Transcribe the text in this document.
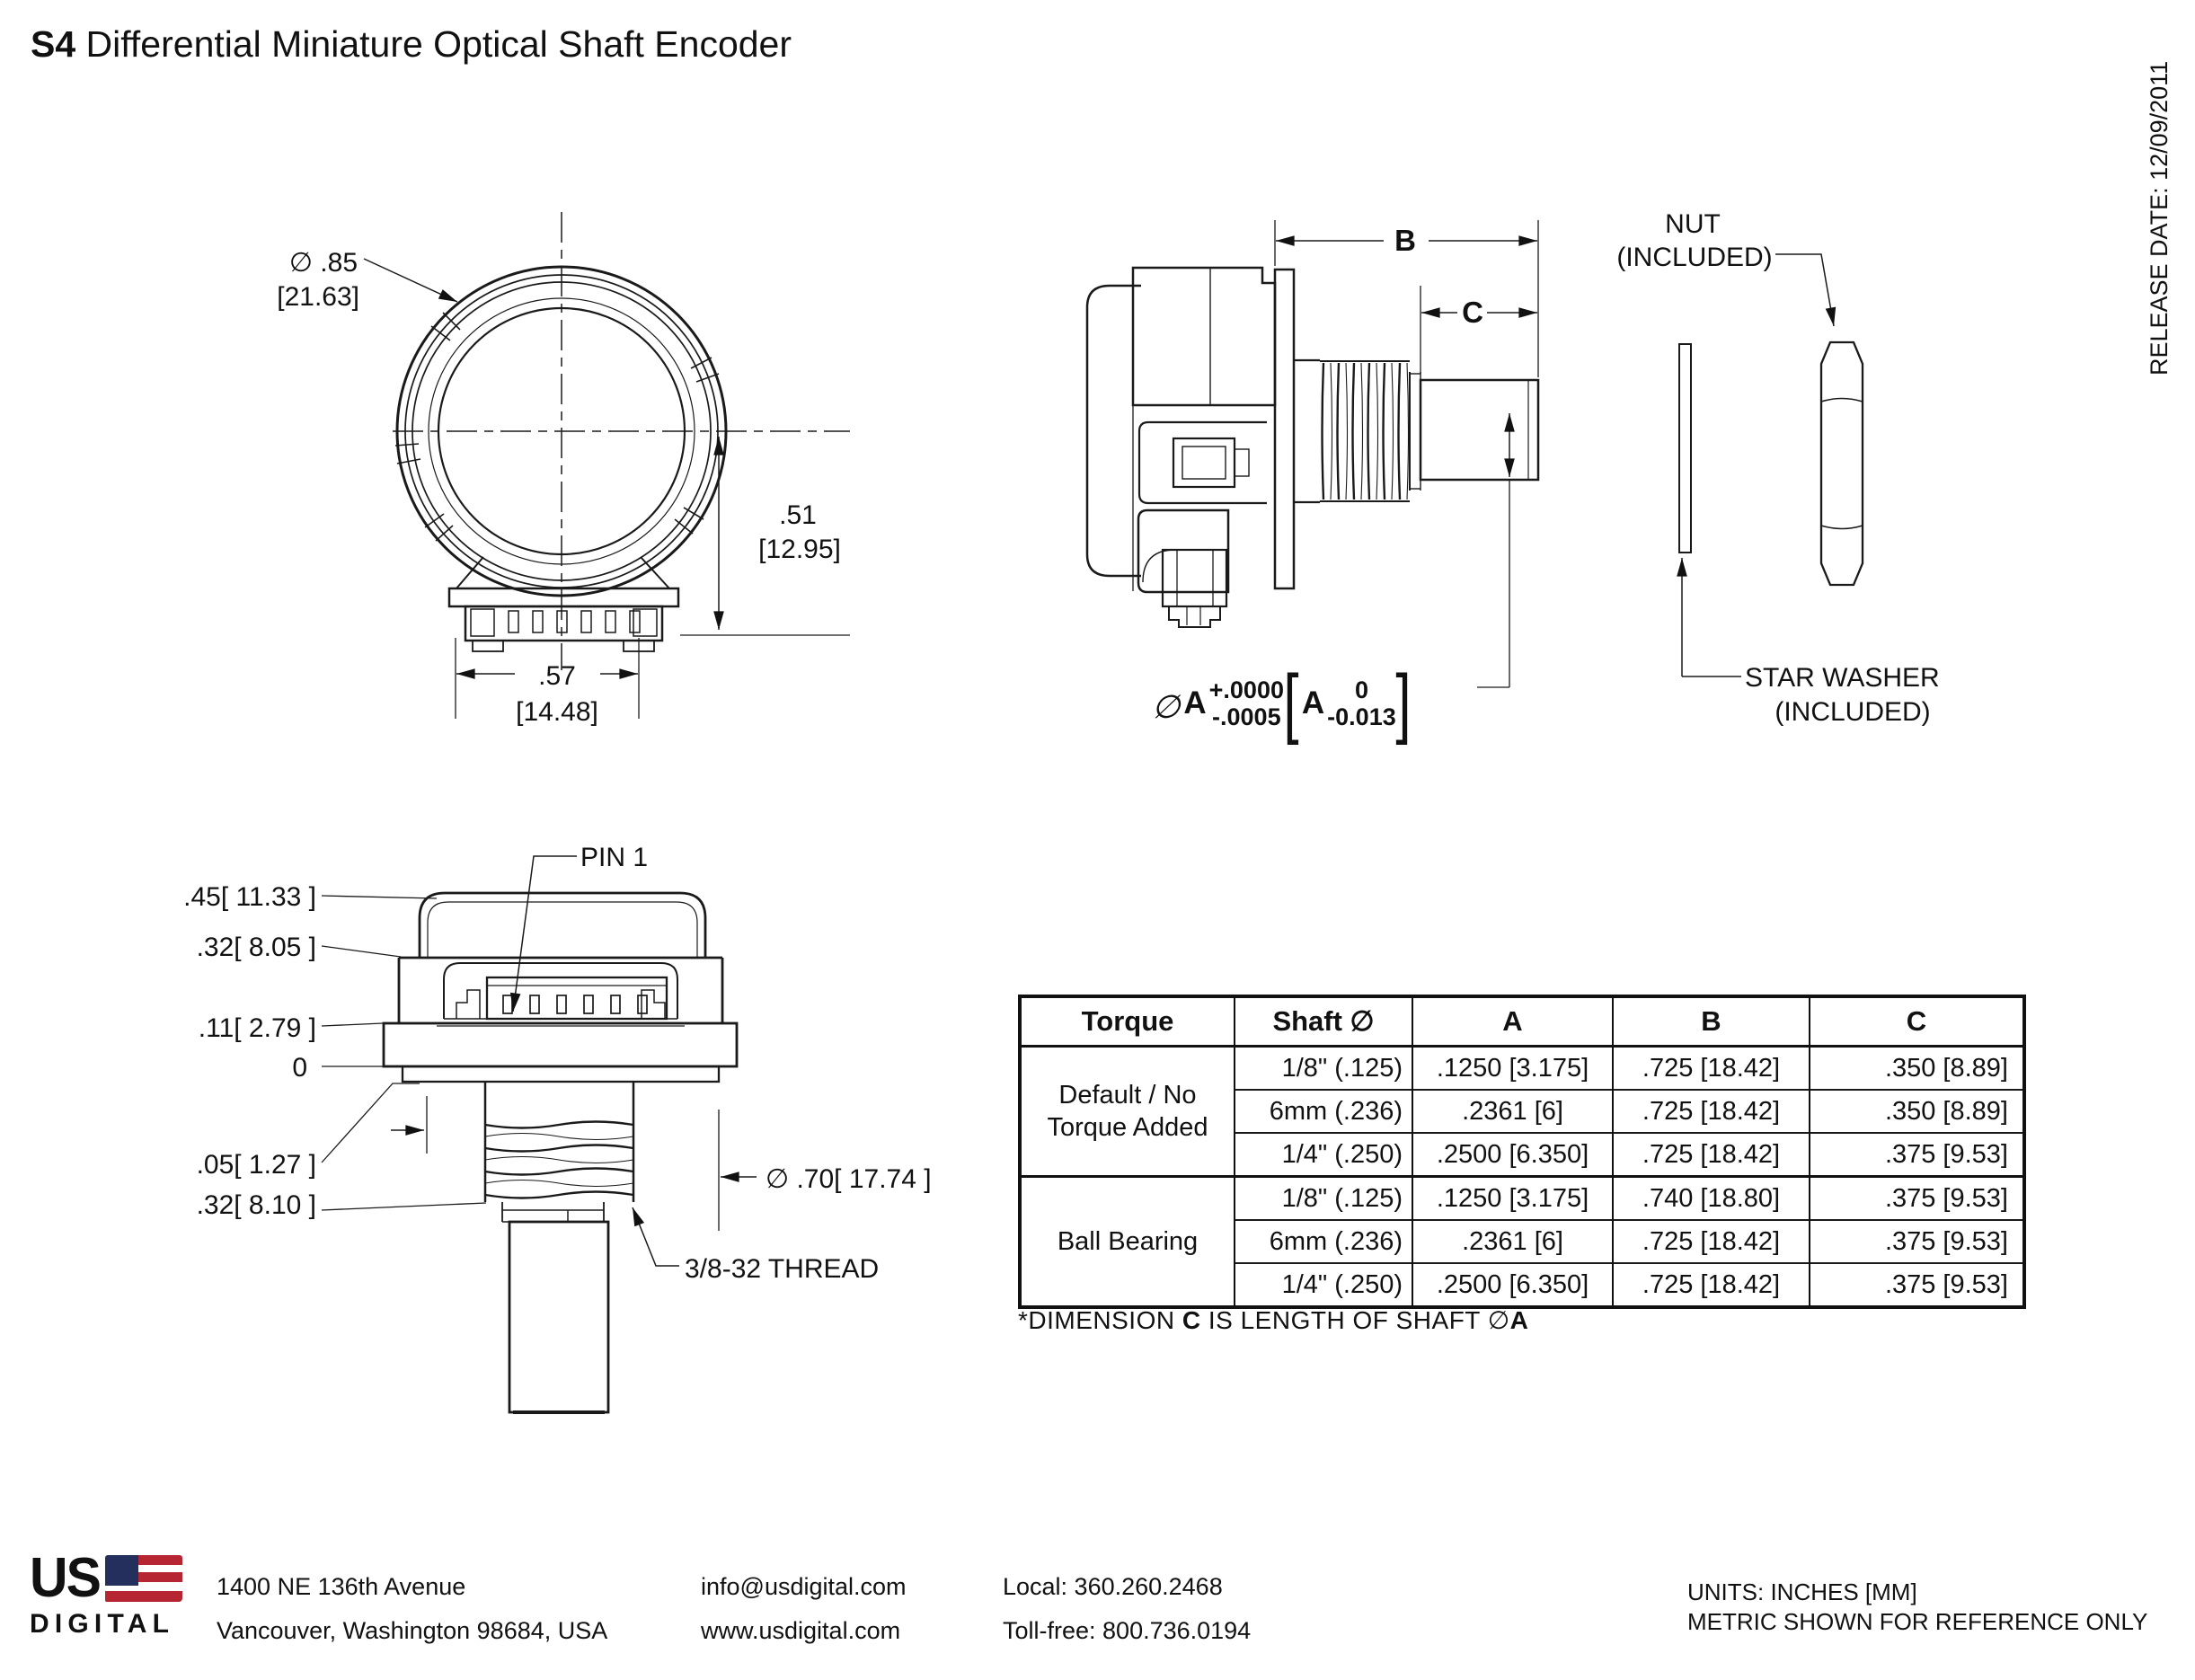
S4 Differential Miniature Optical Shaft Encoder
RELEASE DATE: 12/09/2011
∅ .85
[21.63]
.51
[12.95]
.57
[14.48]
B
C
∅ A +.0000
-.0005 [ A 0
-0.013 ]
NUT
(INCLUDED)
STAR WASHER
(INCLUDED)
PIN 1
.45[ 11.33 ]
.32[ 8.05 ]
.11[ 2.79 ]
0
.05[ 1.27 ]
.32[ 8.10 ]
∅ .70[ 17.74 ]
3/8-32 THREAD
Torque	Shaft ∅	A	B	C
Default / No Torque Added	1/8" (.125)	.1250 [3.175]	.725 [18.42]	.350 [8.89]
	6mm (.236)	.2361 [6]	.725 [18.42]	.350 [8.89]
	1/4" (.250)	.2500 [6.350]	.725 [18.42]	.375 [9.53]
Ball Bearing	1/8" (.125)	.1250 [3.175]	.740 [18.80]	.375 [9.53]
	6mm (.236)	.2361 [6]	.725 [18.42]	.375 [9.53]
	1/4" (.250)	.2500 [6.350]	.725 [18.42]	.375 [9.53]
*DIMENSION C IS LENGTH OF SHAFT ∅A
US
DIGITAL
1400 NE 136th Avenue
Vancouver, Washington 98684, USA
info@usdigital.com
www.usdigital.com
Local: 360.260.2468
Toll-free: 800.736.0194
UNITS: INCHES [MM]
METRIC SHOWN FOR REFERENCE ONLY
